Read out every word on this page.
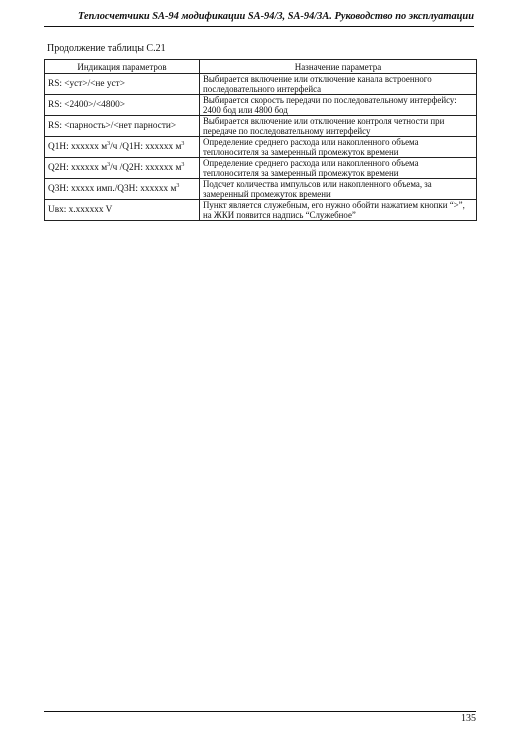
Теплосчетчики SA-94 модификации SA-94/3, SA-94/3A. Руководство по эксплуатации
Продолжение таблицы С.21
Индикация параметров	Назначение параметра
RS: <уст>/<не уст>	Выбирается включение или отключение канала встроенного последовательного интерфейса
RS: <2400>/<4800>	Выбирается скорость передачи по последовательному интерфейсу: 2400 бод или 4800 бод
RS: <парность>/<нет парности>	Выбирается включение или отключение контроля четности при передаче по последовательному интерфейсу
Q1H: xxxxxx $м^3/ч$ /Q1H: xxxxxx $м^3$	Определение среднего расхода или накопленного объема теплоносителя за замеренный промежуток времени
Q2H: xxxxxx $м^3/ч$ /Q2H: xxxxxx $м^3$	Определение среднего расхода или накопленного объема теплоносителя за замеренный промежуток времени
Q3H: xxxxx имп./Q3H: xxxxxx $м^3$	Подсчет количества импульсов или накопленного объема, за замеренный промежуток времени
Uвх: x.xxxxxx V	Пункт является служебным, его нужно обойти нажатием кнопки “>”, на ЖКИ появится надпись “Служебное”
135
